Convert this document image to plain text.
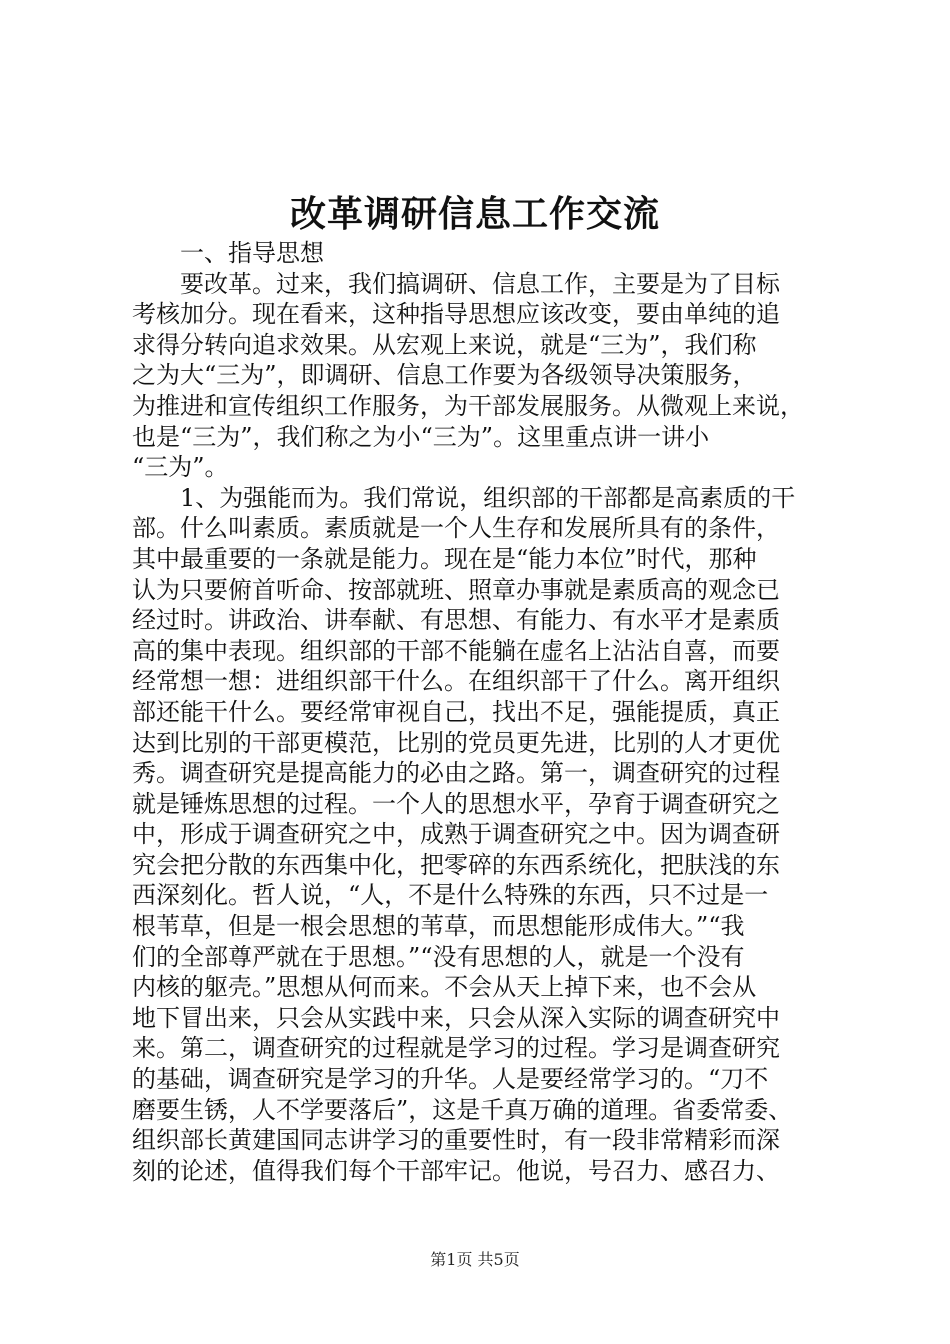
改革调研信息工作交流
　　一、指导思想
　　要改革。过来，我们搞调研、信息工作，主要是为了目标
考核加分。现在看来，这种指导思想应该改变，要由单纯的追
求得分转向追求效果。从宏观上来说，就是“三为”，我们称
之为大“三为”，即调研、信息工作要为各级领导决策服务，
为推进和宣传组织工作服务，为干部发展服务。从微观上来说，
也是“三为”，我们称之为小“三为”。这里重点讲一讲小
“三为”。
　　1、为强能而为。我们常说，组织部的干部都是高素质的干
部。什么叫素质。素质就是一个人生存和发展所具有的条件，
其中最重要的一条就是能力。现在是“能力本位”时代，那种
认为只要俯首听命、按部就班、照章办事就是素质高的观念已
经过时。讲政治、讲奉献、有思想、有能力、有水平才是素质
高的集中表现。组织部的干部不能躺在虚名上沾沾自喜，而要
经常想一想：进组织部干什么。在组织部干了什么。离开组织
部还能干什么。要经常审视自己，找出不足，强能提质，真正
达到比别的干部更模范，比别的党员更先进，比别的人才更优
秀。调查研究是提高能力的必由之路。第一，调查研究的过程
就是锤炼思想的过程。一个人的思想水平，孕育于调查研究之
中，形成于调查研究之中，成熟于调查研究之中。因为调查研
究会把分散的东西集中化，把零碎的东西系统化，把肤浅的东
西深刻化。哲人说，“人，不是什么特殊的东西，只不过是一
根苇草，但是一根会思想的苇草，而思想能形成伟大。”“我
们的全部尊严就在于思想。”“没有思想的人，就是一个没有
内核的躯壳。”思想从何而来。不会从天上掉下来，也不会从
地下冒出来，只会从实践中来，只会从深入实际的调查研究中
来。第二，调查研究的过程就是学习的过程。学习是调查研究
的基础，调查研究是学习的升华。人是要经常学习的。“刀不
磨要生锈，人不学要落后”，这是千真万确的道理。省委常委、
组织部长黄建国同志讲学习的重要性时，有一段非常精彩而深
刻的论述，值得我们每个干部牢记。他说，号召力、感召力、
第1页 共5页
